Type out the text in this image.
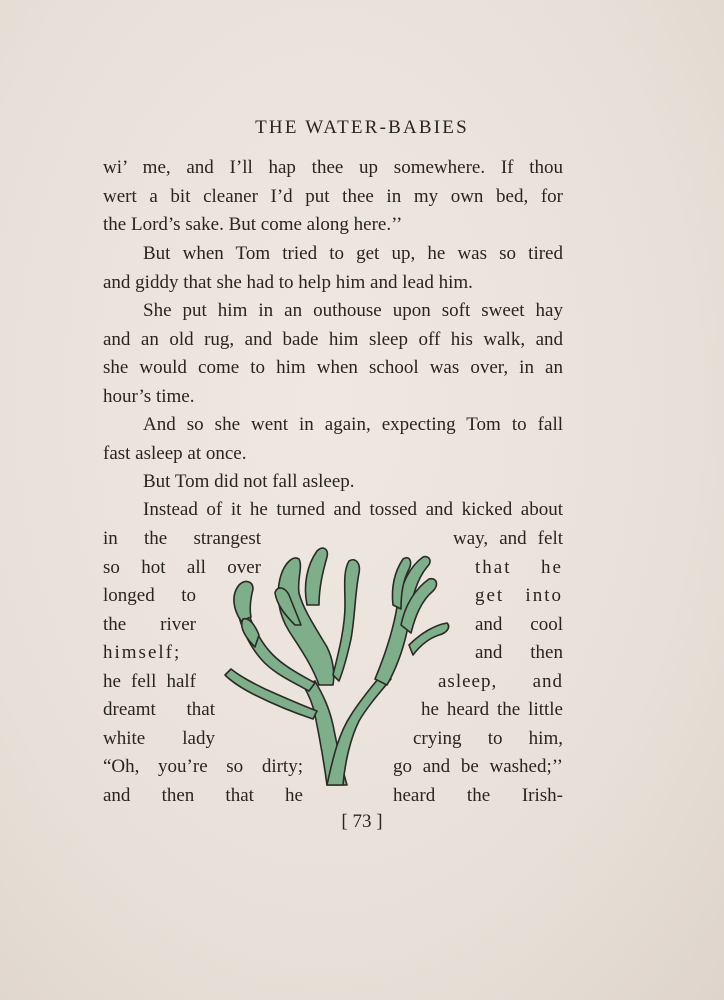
THE WATER-BABIES
wi’ me, and I’ll hap thee up somewhere. If thou
wert a bit cleaner I’d put thee in my own bed, for
the Lord’s sake. But come along here.’’
But when Tom tried to get up, he was so tired
and giddy that she had to help him and lead him.
She put him in an outhouse upon soft sweet hay
and an old rug, and bade him sleep off his walk, and
she would come to him when school was over, in an
hour’s time.
And so she went in again, expecting Tom to fall
fast asleep at once.
But Tom did not fall asleep.
Instead of it he turned and tossed and kicked about
in the strangest
so hot all over
longed to
the river
himself;
he fell half
dreamt that
white lady
“Oh, you’re so dirty;
and then that he
way, and felt
that he
get into
and cool
and then
asleep, and
he heard the little
crying to him,
go and be washed;’’
heard the Irish-
[ 73 ]
